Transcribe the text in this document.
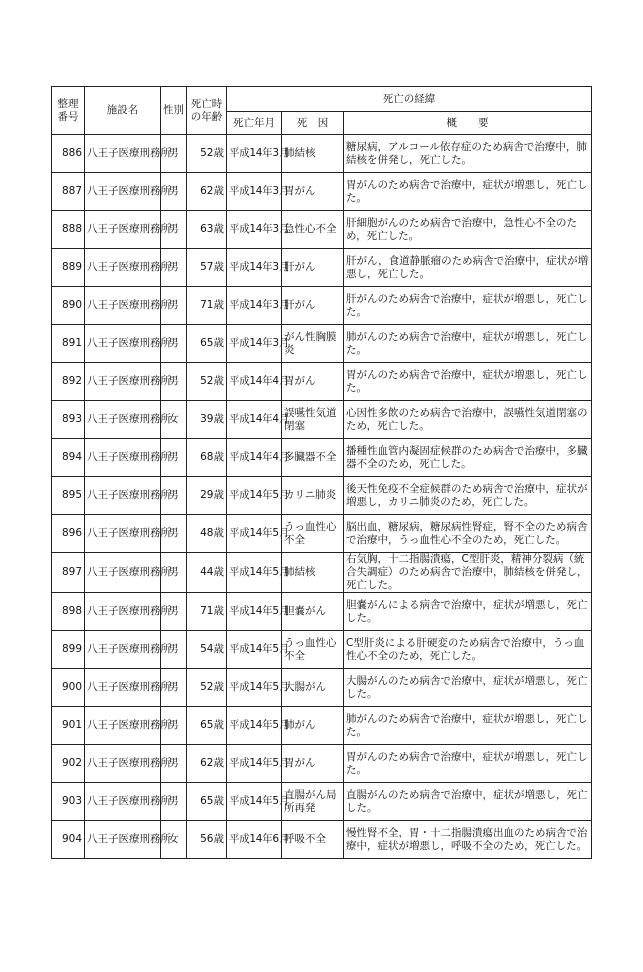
整理番号	施設名	性別	死亡時の年齢	死亡の経緯		
				死亡年月	死　因	概　　要
886	八王子医療刑務所	男	52歳	平成14年3月	肺結核	糖尿病，アルコール依存症のため病舎で治療中，肺結核を併発し，死亡した。
887	八王子医療刑務所	男	62歳	平成14年3月	胃がん	胃がんのため病舎で治療中，症状が増悪し，死亡した。
888	八王子医療刑務所	男	63歳	平成14年3月	急性心不全	肝細胞がんのため病舎で治療中，急性心不全のため，死亡した。
889	八王子医療刑務所	男	57歳	平成14年3月	肝がん	肝がん，食道静脈瘤のため病舎で治療中，症状が増悪し，死亡した。
890	八王子医療刑務所	男	71歳	平成14年3月	肝がん	肝がんのため病舎で治療中，症状が増悪し，死亡した。
891	八王子医療刑務所	男	65歳	平成14年3月	がん性胸膜炎	肺がんのため病舎で治療中，症状が増悪し，死亡した。
892	八王子医療刑務所	男	52歳	平成14年4月	胃がん	胃がんのため病舎で治療中，症状が増悪し，死亡した。
893	八王子医療刑務所	女	39歳	平成14年4月	誤嚥性気道閉塞	心因性多飲のため病舎で治療中，誤嚥性気道閉塞のため，死亡した。
894	八王子医療刑務所	男	68歳	平成14年4月	多臓器不全	播種性血管内凝固症候群のため病舎で治療中，多臓器不全のため，死亡した。
895	八王子医療刑務所	男	29歳	平成14年5月	カリニ肺炎	後天性免疫不全症候群のため病舎で治療中，症状が増悪し，カリニ肺炎のため，死亡した。
896	八王子医療刑務所	男	48歳	平成14年5月	うっ血性心不全	脳出血，糖尿病，糖尿病性腎症，腎不全のため病舎で治療中，うっ血性心不全のため，死亡した。
897	八王子医療刑務所	男	44歳	平成14年5月	肺結核	右気胸，十二指腸潰瘍，C型肝炎，精神分裂病（統合失調症）のため病舎で治療中，肺結核を併発し，死亡した。
898	八王子医療刑務所	男	71歳	平成14年5月	胆嚢がん	胆嚢がんによる病舎で治療中，症状が増悪し，死亡した。
899	八王子医療刑務所	男	54歳	平成14年5月	うっ血性心不全	C型肝炎による肝硬変のため病舎で治療中，うっ血性心不全のため，死亡した。
900	八王子医療刑務所	男	52歳	平成14年5月	大腸がん	大腸がんのため病舎で治療中，症状が増悪し，死亡した。
901	八王子医療刑務所	男	65歳	平成14年5月	肺がん	肺がんのため病舎で治療中，症状が増悪し，死亡した。
902	八王子医療刑務所	男	62歳	平成14年5月	胃がん	胃がんのため病舎で治療中，症状が増悪し，死亡した。
903	八王子医療刑務所	男	65歳	平成14年5月	直腸がん局所再発	直腸がんのため病舎で治療中，症状が増悪し，死亡した。
904	八王子医療刑務所	女	56歳	平成14年6月	呼吸不全	慢性腎不全，胃・十二指腸潰瘍出血のため病舎で治療中，症状が増悪し，呼吸不全のため，死亡した。
